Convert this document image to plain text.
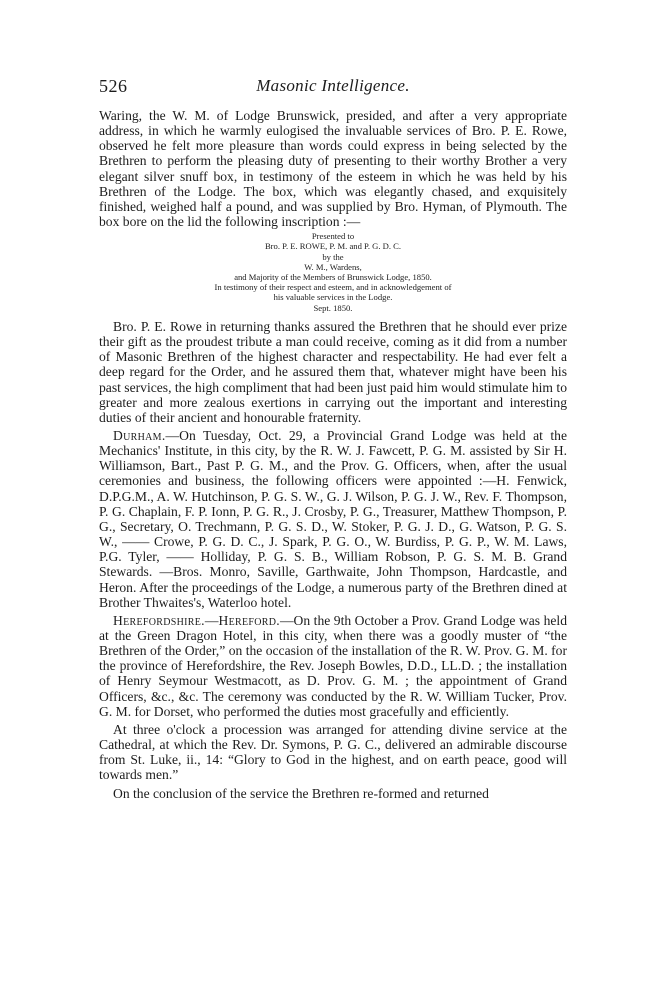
526	Masonic Intelligence.

Waring, the W. M. of Lodge Brunswick, presided, and after a very appropriate address, in which he warmly eulogised the invaluable services of Bro. P. E. Rowe, observed he felt more pleasure than words could express in being selected by the Brethren to perform the pleasing duty of presenting to their worthy Brother a very elegant silver snuff box, in testimony of the esteem in which he was held by his Brethren of the Lodge. The box, which was elegantly chased, and exquisitely finished, weighed half a pound, and was supplied by Bro. Hyman, of Plymouth. The box bore on the lid the following inscription :—

Presented to
Bro. P. E. ROWE, P. M. and P. G. D. C.
by the
W. M., Wardens,
and Majority of the Members of Brunswick Lodge, 1850.
In testimony of their respect and esteem, and in acknowledgement of
his valuable services in the Lodge.
Sept. 1850.

Bro. P. E. Rowe in returning thanks assured the Brethren that he should ever prize their gift as the proudest tribute a man could receive, coming as it did from a number of Masonic Brethren of the highest character and respectability. He had ever felt a deep regard for the Order, and he assured them that, whatever might have been his past services, the high compliment that had been just paid him would stimulate him to greater and more zealous exertions in carrying out the important and interesting duties of their ancient and honourable fraternity.

Durham.—On Tuesday, Oct. 29, a Provincial Grand Lodge was held at the Mechanics' Institute, in this city, by the R. W. J. Fawcett, P. G. M. assisted by Sir H. Williamson, Bart., Past P. G. M., and the Prov. G. Officers, when, after the usual ceremonies and business, the following officers were appointed :—H. Fenwick, D.P.G.M., A. W. Hutchinson, P. G. S. W., G. J. Wilson, P. G. J. W., Rev. F. Thompson, P. G. Chaplain, F. P. Ionn, P. G. R., J. Crosby, P. G., Treasurer, Matthew Thompson, P. G., Secretary, O. Trechmann, P. G. S. D., W. Stoker, P. G. J. D., G. Watson, P. G. S. W., —— Crowe, P. G. D. C., J. Spark, P. G. O., W. Burdiss, P. G. P., W. M. Laws, P.G. Tyler, —— Holliday, P. G. S. B., William Robson, P. G. S. M. B. Grand Stewards. —Bros. Monro, Saville, Garthwaite, John Thompson, Hardcastle, and Heron. After the proceedings of the Lodge, a numerous party of the Brethren dined at Brother Thwaites's, Waterloo hotel.

Herefordshire.—Hereford.—On the 9th October a Prov. Grand Lodge was held at the Green Dragon Hotel, in this city, when there was a goodly muster of “the Brethren of the Order,” on the occasion of the installation of the R. W. Prov. G. M. for the province of Herefordshire, the Rev. Joseph Bowles, D.D., LL.D. ; the installation of Henry Seymour Westmacott, as D. Prov. G. M. ; the appointment of Grand Officers, &c., &c. The ceremony was conducted by the R. W. William Tucker, Prov. G. M. for Dorset, who performed the duties most gracefully and efficiently.

At three o'clock a procession was arranged for attending divine service at the Cathedral, at which the Rev. Dr. Symons, P. G. C., delivered an admirable discourse from St. Luke, ii., 14: “Glory to God in the highest, and on earth peace, good will towards men.”

On the conclusion of the service the Brethren re-formed and returned
